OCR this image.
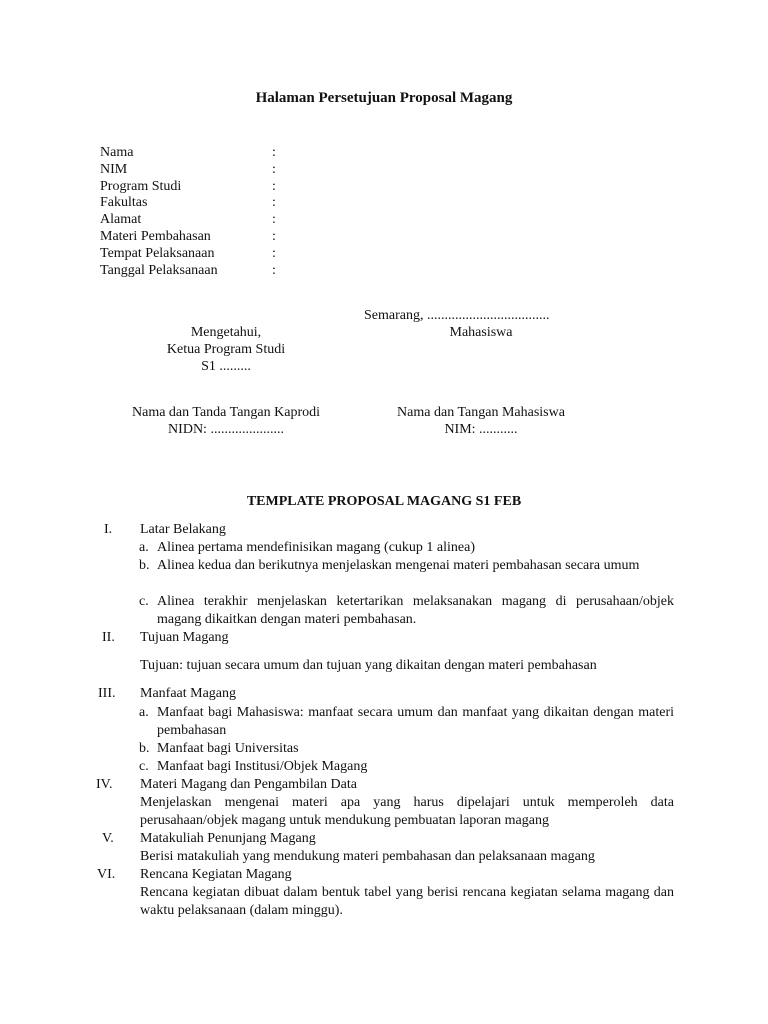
Halaman Persetujuan Proposal Magang
Nama	:
NIM	:
Program Studi	:
Fakultas	:
Alamat	:
Materi Pembahasan	:
Tempat Pelaksanaan	:
Tanggal Pelaksanaan	:
Semarang, ...................................
Mengetahui,
Ketua Program Studi
S1 .........
Mahasiswa
Nama dan Tanda Tangan Kaprodi
NIDN: .....................
Nama dan Tangan Mahasiswa
NIM: ...........
TEMPLATE PROPOSAL MAGANG S1 FEB
I. Latar Belakang
a. Alinea pertama mendefinisikan magang (cukup 1 alinea)
b. Alinea kedua dan berikutnya menjelaskan mengenai materi pembahasan secara umum
c. Alinea terakhir menjelaskan ketertarikan melaksanakan magang di perusahaan/objek magang dikaitkan dengan materi pembahasan.
II. Tujuan Magang
Tujuan: tujuan secara umum dan tujuan yang dikaitan dengan materi pembahasan
III. Manfaat Magang
a. Manfaat bagi Mahasiswa: manfaat secara umum dan manfaat yang dikaitan dengan materi pembahasan
b. Manfaat bagi Universitas
c. Manfaat bagi Institusi/Objek Magang
IV. Materi Magang dan Pengambilan Data
Menjelaskan mengenai materi apa yang harus dipelajari untuk memperoleh data perusahaan/objek magang untuk mendukung pembuatan laporan magang
V. Matakuliah Penunjang Magang
Berisi matakuliah yang mendukung materi pembahasan dan pelaksanaan magang
VI. Rencana Kegiatan Magang
Rencana kegiatan dibuat dalam bentuk tabel yang berisi rencana kegiatan selama magang dan waktu pelaksanaan (dalam minggu).
